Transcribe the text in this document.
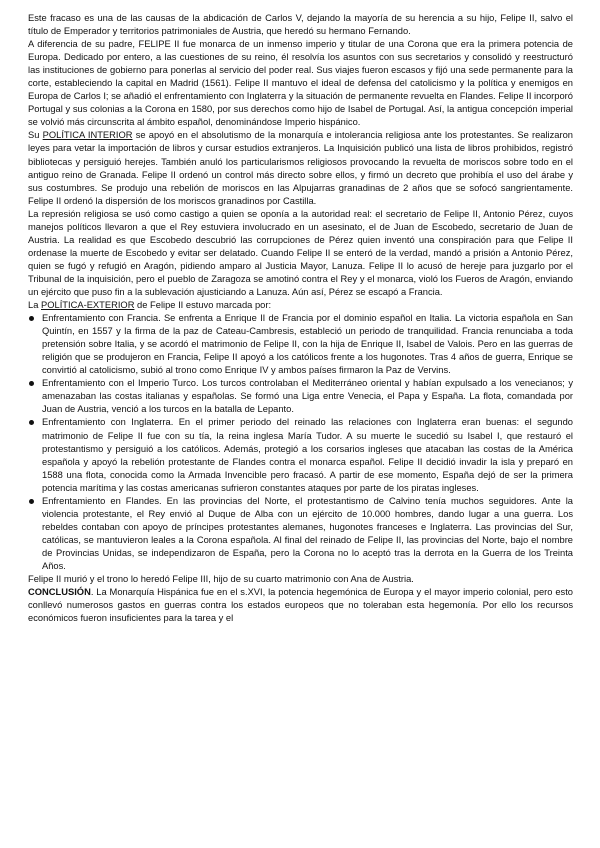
Este fracaso es una de las causas de la abdicación de Carlos V, dejando la mayoría de su herencia a su hijo, Felipe II, salvo el título de Emperador y territorios patrimoniales de Austria, que heredó su hermano Fernando.

A diferencia de su padre, FELIPE II fue monarca de un inmenso imperio y titular de una Corona que era la primera potencia de Europa. Dedicado por entero, a las cuestiones de su reino, él resolvía los asuntos con sus secretarios y consolidó y reestructuró las instituciones de gobierno para ponerlas al servicio del poder real. Sus viajes fueron escasos y fijó una sede permanente para la corte, estableciendo la capital en Madrid (1561). Felipe II mantuvo el ideal de defensa del catolicismo y la política y enemigos en Europa de Carlos I; se añadió el enfrentamiento con Inglaterra y la situación de permanente revuelta en Flandes. Felipe II incorporó Portugal y sus colonias a la Corona en 1580, por sus derechos como hijo de Isabel de Portugal. Así, la antigua concepción imperial se volvió más circunscrita al ámbito español, denominándose Imperio hispánico.

Su POLÍTICA INTERIOR se apoyó en el absolutismo de la monarquía e intolerancia religiosa ante los protestantes. Se realizaron leyes para vetar la importación de libros y cursar estudios extranjeros. La Inquisición publicó una lista de libros prohibidos, registró bibliotecas y persiguió herejes. También anuló los particularismos religiosos provocando la revuelta de moriscos sobre todo en el antiguo reino de Granada. Felipe II ordenó un control más directo sobre ellos, y firmó un decreto que prohibía el uso del árabe y sus costumbres. Se produjo una rebelión de moriscos en las Alpujarras granadinas de 2 años que se sofocó sangrientamente. Felipe II ordenó la dispersión de los moriscos granadinos por Castilla.

La represión religiosa se usó como castigo a quien se oponía a la autoridad real: el secretario de Felipe II, Antonio Pérez, cuyos manejos políticos llevaron a que el Rey estuviera involucrado en un asesinato, el de Juan de Escobedo, secretario de Juan de Austria. La realidad es que Escobedo descubrió las corrupciones de Pérez quien inventó una conspiración para que Felipe II ordenase la muerte de Escobedo y evitar ser delatado. Cuando Felipe II se enteró de la verdad, mandó a prisión a Antonio Pérez, quien se fugó y refugió en Aragón, pidiendo amparo al Justicia Mayor, Lanuza. Felipe II lo acusó de hereje para juzgarlo por el Tribunal de la inquisición, pero el pueblo de Zaragoza se amotinó contra el Rey y el monarca, violó los Fueros de Aragón, enviando un ejército que puso fin a la sublevación ajusticiando a Lanuza. Aún así, Pérez se escapó a Francia.

La POLÍTICA-EXTERIOR de Felipe II estuvo marcada por:

Enfrentamiento con Francia. Se enfrenta a Enrique II de Francia por el dominio español en Italia. La victoria española en San Quintín, en 1557 y la firma de la paz de Cateau-Cambresis, estableció un periodo de tranquilidad. Francia renunciaba a toda pretensión sobre Italia, y se acordó el matrimonio de Felipe II, con la hija de Enrique II, Isabel de Valois. Pero en las guerras de religión que se produjeron en Francia, Felipe II apoyó a los católicos frente a los hugonotes. Tras 4 años de guerra, Enrique se convirtió al catolicismo, subió al trono como Enrique IV y ambos países firmaron la Paz de Vervins.
Enfrentamiento con el Imperio Turco. Los turcos controlaban el Mediterráneo oriental y habían expulsado a los venecianos; y amenazaban las costas italianas y españolas. Se formó una Liga entre Venecia, el Papa y España. La flota, comandada por Juan de Austria, venció a los turcos en la batalla de Lepanto.
Enfrentamiento con Inglaterra. En el primer periodo del reinado las relaciones con Inglaterra eran buenas: el segundo matrimonio de Felipe II fue con su tía, la reina inglesa María Tudor. A su muerte le sucedió su Isabel I, que restauró el protestantismo y persiguió a los católicos. Además, protegió a los corsarios ingleses que atacaban las costas de la América española y apoyó la rebelión protestante de Flandes contra el monarca español. Felipe II decidió invadir la isla y preparó en 1588 una flota, conocida como la Armada Invencible pero fracasó. A partir de ese momento, España dejó de ser la primera potencia marítima y las costas americanas sufrieron constantes ataques por parte de los piratas ingleses.
Enfrentamiento en Flandes. En las provincias del Norte, el protestantismo de Calvino tenía muchos seguidores. Ante la violencia protestante, el Rey envió al Duque de Alba con un ejército de 10.000 hombres, dando lugar a una guerra. Los rebeldes contaban con apoyo de príncipes protestantes alemanes, hugonotes franceses e Inglaterra. Las provincias del Sur, católicas, se mantuvieron leales a la Corona española. Al final del reinado de Felipe II, las provincias del Norte, bajo el nombre de Provincias Unidas, se independizaron de España, pero la Corona no lo aceptó tras la derrota en la Guerra de los Treinta Años.

Felipe II murió y el trono lo heredó Felipe III, hijo de su cuarto matrimonio con Ana de Austria.

CONCLUSIÓN. La Monarquía Hispánica fue en el s.XVI, la potencia hegemónica de Europa y el mayor imperio colonial, pero esto conllevó numerosos gastos en guerras contra los estados europeos que no toleraban esta hegemonía. Por ello los recursos económicos fueron insuficientes para la tarea y el
